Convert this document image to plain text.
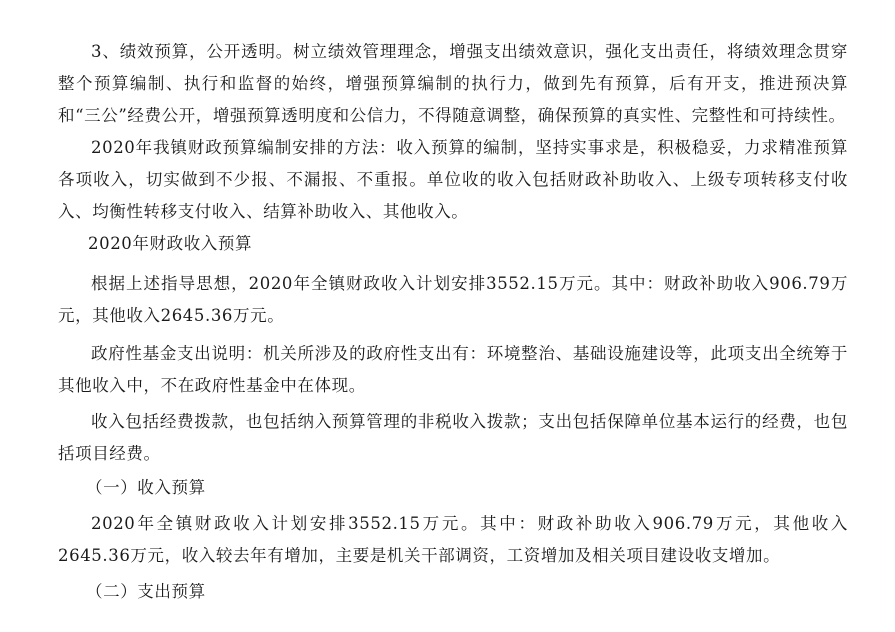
3、绩效预算，公开透明。树立绩效管理理念，增强支出绩效意识，强化支出责任，将绩效理念贯穿整个预算编制、执行和监督的始终，增强预算编制的执行力，做到先有预算，后有开支，推进预决算和“三公”经费公开，增强预算透明度和公信力，不得随意调整，确保预算的真实性、完整性和可持续性。

2020年我镇财政预算编制安排的方法：收入预算的编制，坚持实事求是，积极稳妥，力求精准预算各项收入，切实做到不少报、不漏报、不重报。单位收的收入包括财政补助收入、上级专项转移支付收入、均衡性转移支付收入、结算补助收入、其他收入。

2020年财政收入预算

根据上述指导思想，2020年全镇财政收入计划安排3552.15万元。其中：财政补助收入906.79万元，其他收入2645.36万元。

政府性基金支出说明：机关所涉及的政府性支出有：环境整治、基础设施建设等，此项支出全统筹于其他收入中，不在政府性基金中在体现。

收入包括经费拨款，也包括纳入预算管理的非税收入拨款；支出包括保障单位基本运行的经费，也包括项目经费。

（一）收入预算

2020年全镇财政收入计划安排3552.15万元。其中：财政补助收入906.79万元，其他收入2645.36万元，收入较去年有增加，主要是机关干部调资，工资增加及相关项目建设收支增加。

（二）支出预算
